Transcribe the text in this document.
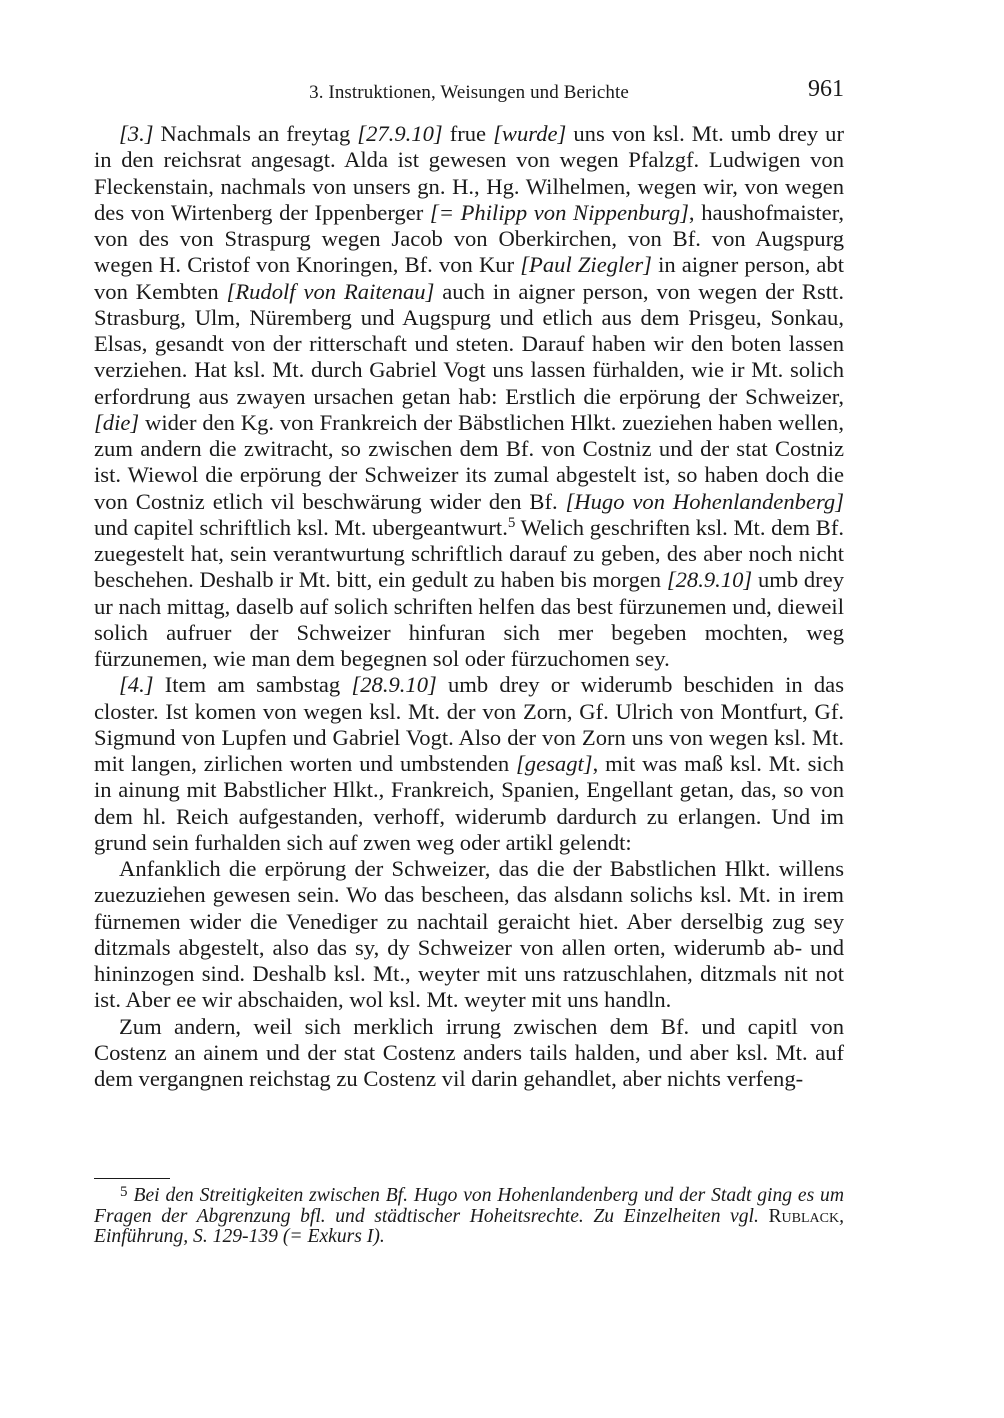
3. Instruktionen, Weisungen und Berichte	961

[3.] Nachmals an freytag [27.9.10] frue [wurde] uns von ksl. Mt. umb drey ur in den reichsrat angesagt. Alda ist gewesen von wegen Pfalzgf. Ludwigen von Fleckenstain, nachmals von unsers gn. H., Hg. Wilhelmen, wegen wir, von wegen des von Wirtenberg der Ippenberger [= Philipp von Nippenburg], haushofmaister, von des von Straspurg wegen Jacob von Oberkirchen, von Bf. von Augspurg wegen H. Cristof von Knoringen, Bf. von Kur [Paul Ziegler] in aigner person, abt von Kembten [Rudolf von Raitenau] auch in aigner person, von wegen der Rstt. Strasburg, Ulm, Nüremberg und Augspurg und etlich aus dem Prisgeu, Sonkau, Elsas, gesandt von der ritterschaft und steten. Darauf haben wir den boten lassen verziehen. Hat ksl. Mt. durch Gabriel Vogt uns lassen fürhalden, wie ir Mt. solich erfordrung aus zwayen ursachen getan hab: Erstlich die erpörung der Schweizer, [die] wider den Kg. von Frankreich der Bäbstlichen Hlkt. zueziehen haben wellen, zum andern die zwitracht, so zwischen dem Bf. von Costniz und der stat Costniz ist. Wiewol die erpörung der Schweizer its zumal abgestelt ist, so haben doch die von Costniz etlich vil beschwärung wider den Bf. [Hugo von Hohenlandenberg] und capitel schriftlich ksl. Mt. ubergeantwurt.$^5$ Welich geschriften ksl. Mt. dem Bf. zuegestelt hat, sein verantwurtung schriftlich darauf zu geben, des aber noch nicht beschehen. Deshalb ir Mt. bitt, ein gedult zu haben bis morgen [28.9.10] umb drey ur nach mittag, daselb auf solich schriften helfen das best fürzunemen und, dieweil solich aufruer der Schweizer hinfuran sich mer begeben mochten, weg fürzunemen, wie man dem begegnen sol oder fürzuchomen sey.

[4.] Item am sambstag [28.9.10] umb drey or widerumb beschiden in das closter. Ist komen von wegen ksl. Mt. der von Zorn, Gf. Ulrich von Montfurt, Gf. Sigmund von Lupfen und Gabriel Vogt. Also der von Zorn uns von wegen ksl. Mt. mit langen, zirlichen worten und umbstenden [gesagt], mit was maß ksl. Mt. sich in ainung mit Babstlicher Hlkt., Frankreich, Spanien, Engellant getan, das, so von dem hl. Reich aufgestanden, verhoff, widerumb dardurch zu erlangen. Und im grund sein furhalden sich auf zwen weg oder artikl gelendt:

Anfanklich die erpörung der Schweizer, das die der Babstlichen Hlkt. willens zuezuziehen gewesen sein. Wo das bescheen, das alsdann solichs ksl. Mt. in irem fürnemen wider die Venediger zu nachtail geraicht hiet. Aber derselbig zug sey ditzmals abgestelt, also das sy, dy Schweizer von allen orten, widerumb ab- und hininzogen sind. Deshalb ksl. Mt., weyter mit uns ratzuschlahen, ditzmals nit not ist. Aber ee wir abschaiden, wol ksl. Mt. weyter mit uns handln.

Zum andern, weil sich merklich irrung zwischen dem Bf. und capitl von Costenz an ainem und der stat Costenz anders tails halden, und aber ksl. Mt. auf dem vergangnen reichstag zu Costenz vil darin gehandlet, aber nichts verfeng-

$^5$ Bei den Streitigkeiten zwischen Bf. Hugo von Hohenlandenberg und der Stadt ging es um Fragen der Abgrenzung bfl. und städtischer Hoheitsrechte. Zu Einzelheiten vgl. Rublack, Einführung, S. 129-139 (= Exkurs I).
